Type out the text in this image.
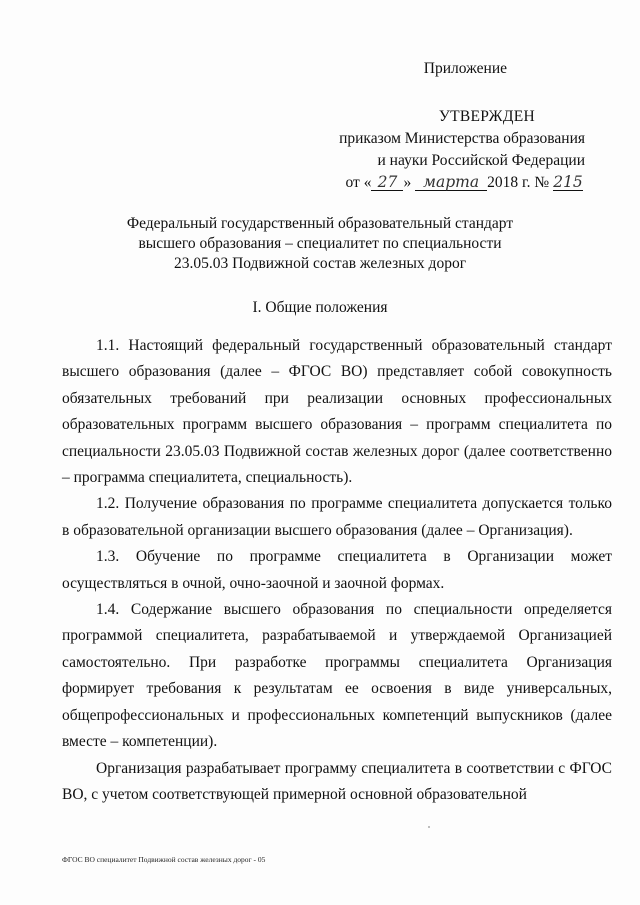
Приложение
УТВЕРЖДЕН
приказом Министерства образования
и науки Российской Федерации
от « 27 » марта 2018 г. № 215
Федеральный государственный образовательный стандарт
высшего образования – специалитет по специальности
23.05.03 Подвижной состав железных дорог
I. Общие положения

1.1. Настоящий федеральный государственный образовательный стандарт высшего образования (далее – ФГОС ВО) представляет собой совокупность обязательных требований при реализации основных профессиональных образовательных программ высшего образования – программ специалитета по специальности 23.05.03 Подвижной состав железных дорог (далее соответственно – программа специалитета, специальность).

1.2. Получение образования по программе специалитета допускается только в образовательной организации высшего образования (далее – Организация).

1.3. Обучение по программе специалитета в Организации может осуществляться в очной, очно-заочной и заочной формах.

1.4. Содержание высшего образования по специальности определяется программой специалитета, разрабатываемой и утверждаемой Организацией самостоятельно. При разработке программы специалитета Организация формирует требования к результатам ее освоения в виде универсальных, общепрофессиональных и профессиональных компетенций выпускников (далее вместе – компетенции).

Организация разрабатывает программу специалитета в соответствии с ФГОС ВО, с учетом соответствующей примерной основной образовательной

ФГОС ВО специалитет Подвижной состав железных дорог - 05
